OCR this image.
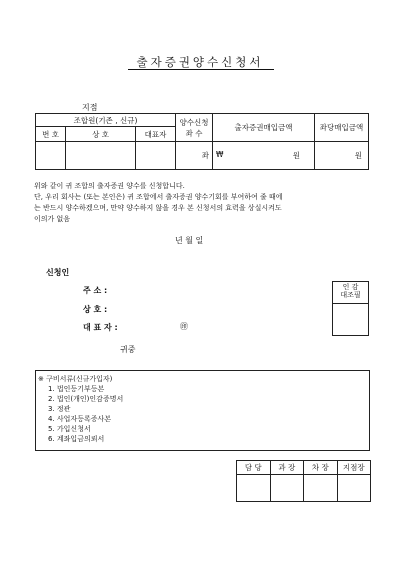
출자증권양수신청서
지점
조합원(기존 , 신규)			양수신청
좌 수	출자증권매입금액	좌당매입금액
번 호	상 호	대표자			
			좌	₩ 원	원
위와 같이 귀 조합의 출자증권 양수를 신청합니다.
단, 우리 회사는 (또는 본인은) 귀 조합에서 출자증권 양수기회를 부여하여 줄 때에
는 반드시 양수하겠으며, 만약 양수하지 않을 경우 본 신청서의 효력을 상실시켜도
이의가 없음
년 월 일
신청인
주 소 :
상 호 :
대 표 자 :	㊞
인 감
대조필
귀중
※ 구비서류(신규가입자)
1. 법인등기부등본
2. 법인(개인)인감증명서
3. 정관
4. 사업자등록증사본
5. 가입신청서
6. 계좌입금의뢰서
담 당	과 장	차 장	지점장
